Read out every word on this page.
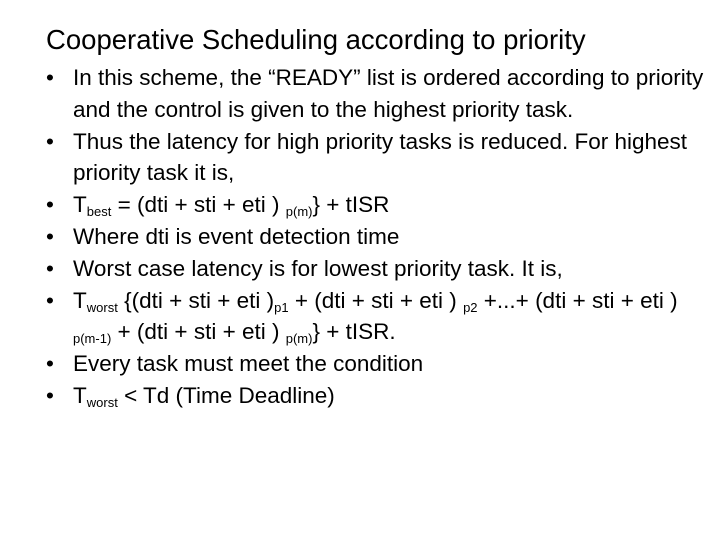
Cooperative Scheduling according to priority
• In this scheme, the “READY” list is ordered according to priority and the control is given to the highest priority task.
• Thus the latency for high priority tasks is reduced. For highest priority task it is,
• $T_{best} = (dti$ + sti + eti ) $_{p(m)}$} + tISR
• Where dti is event detection time
• Worst case latency is for lowest priority task. It is,
• $T_{worst}$ {(dti + sti + eti )$_{p1} + (dti$ + sti + eti ) $_{p2}$ +...+ (dti + sti + eti ) $_{p(m-1)}$ + (dti + sti + eti ) $_{p(m)}$} + tISR.
• Every task must meet the condition
• $T_{worst} < Td$ (Time Deadline)
